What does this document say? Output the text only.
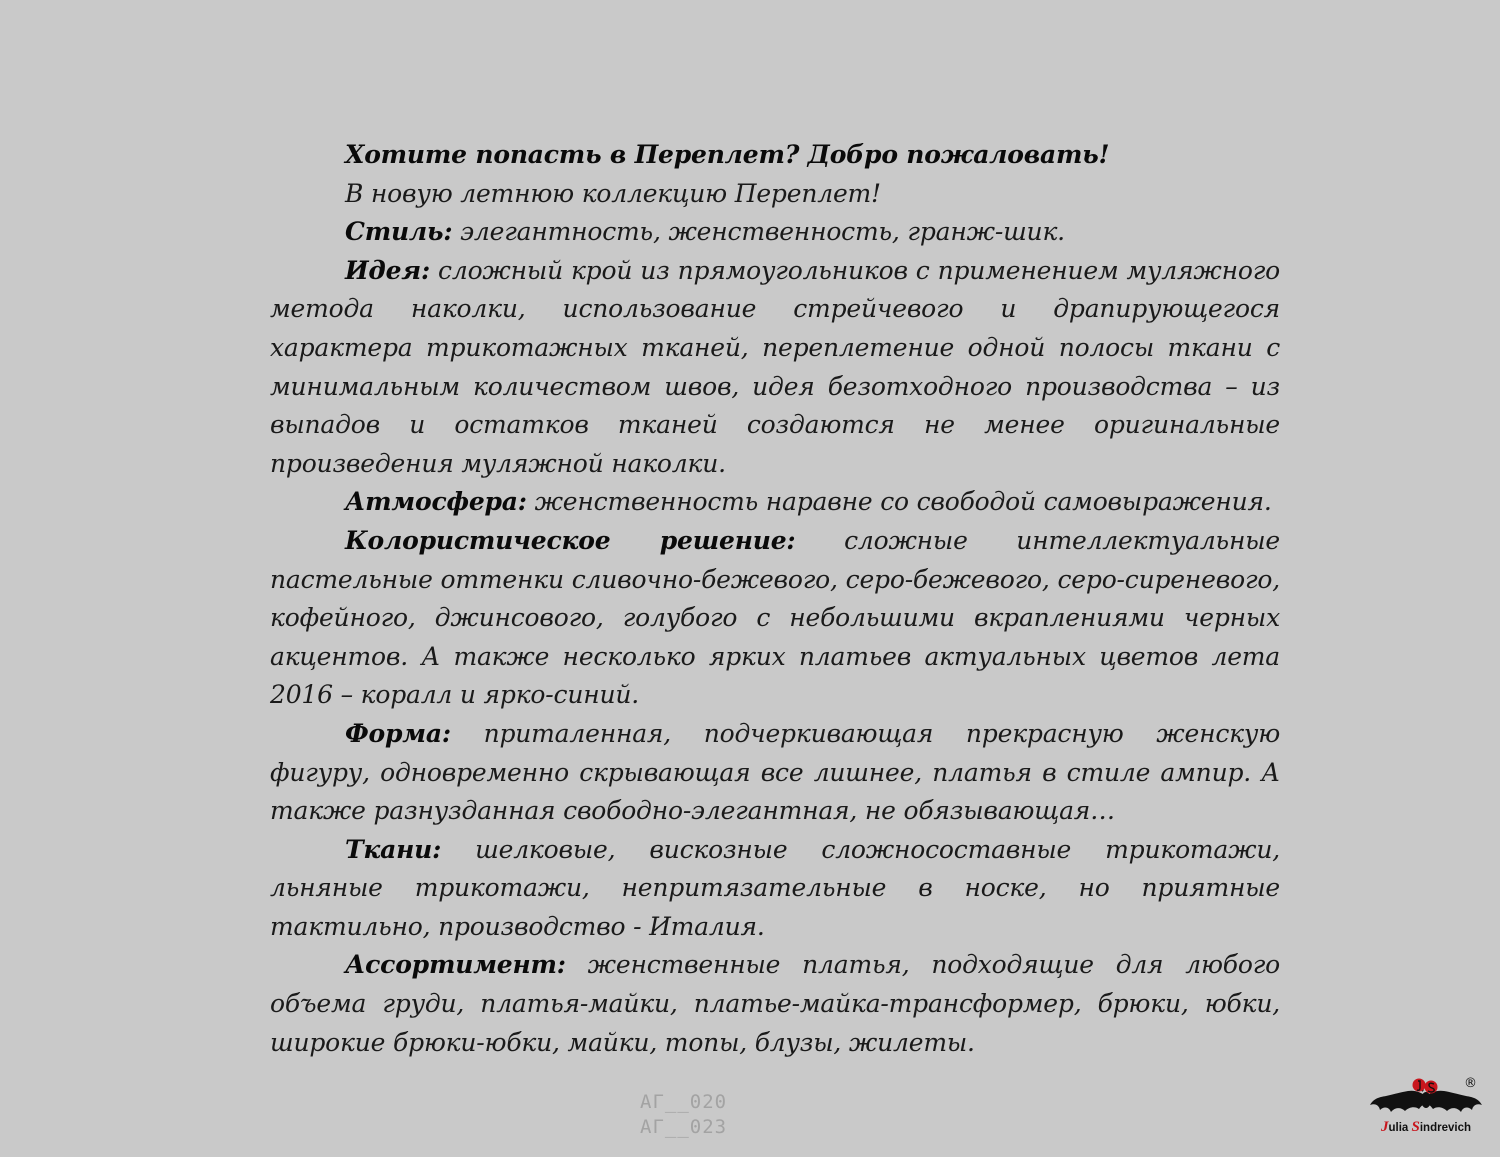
Хотите попасть в Переплет? Добро пожаловать!

В новую летнюю коллекцию Переплет!

Стиль: элегантность, женственность, гранж-шик.

Идея: сложный крой из прямоугольников с применением муляжного метода наколки, использование стрейчевого и драпирующегося характера трикотажных тканей, переплетение одной полосы ткани с минимальным количеством швов, идея безотходного производства – из выпадов и остатков тканей создаются не менее оригинальные произведения муляжной наколки.

Атмосфера: женственность наравне со свободой самовыражения.

Колористическое решение: сложные интеллектуальные пастельные оттенки сливочно-бежевого, серо-бежевого, серо-сиреневого, кофейного, джинсового, голубого с небольшими вкраплениями черных акцентов. А также несколько ярких платьев актуальных цветов лета 2016 – коралл и ярко-синий.

Форма: приталенная, подчеркивающая прекрасную женскую фигуру, одновременно скрывающая все лишнее, платья в стиле ампир. А также разнузданная свободно-элегантная, не обязывающая…

Ткани: шелковые, вискозные сложносоставные трикотажи, льняные трикотажи, непритязательные в носке, но приятные тактильно, производство - Италия.

Ассортимент: женственные платья, подходящие для любого объема груди, платья-майки, платье-майка-трансформер, брюки, юбки, широкие брюки-юбки, майки, топы, блузы, жилеты.

АГ__020
АГ__023	Julia Sindrevich
®
